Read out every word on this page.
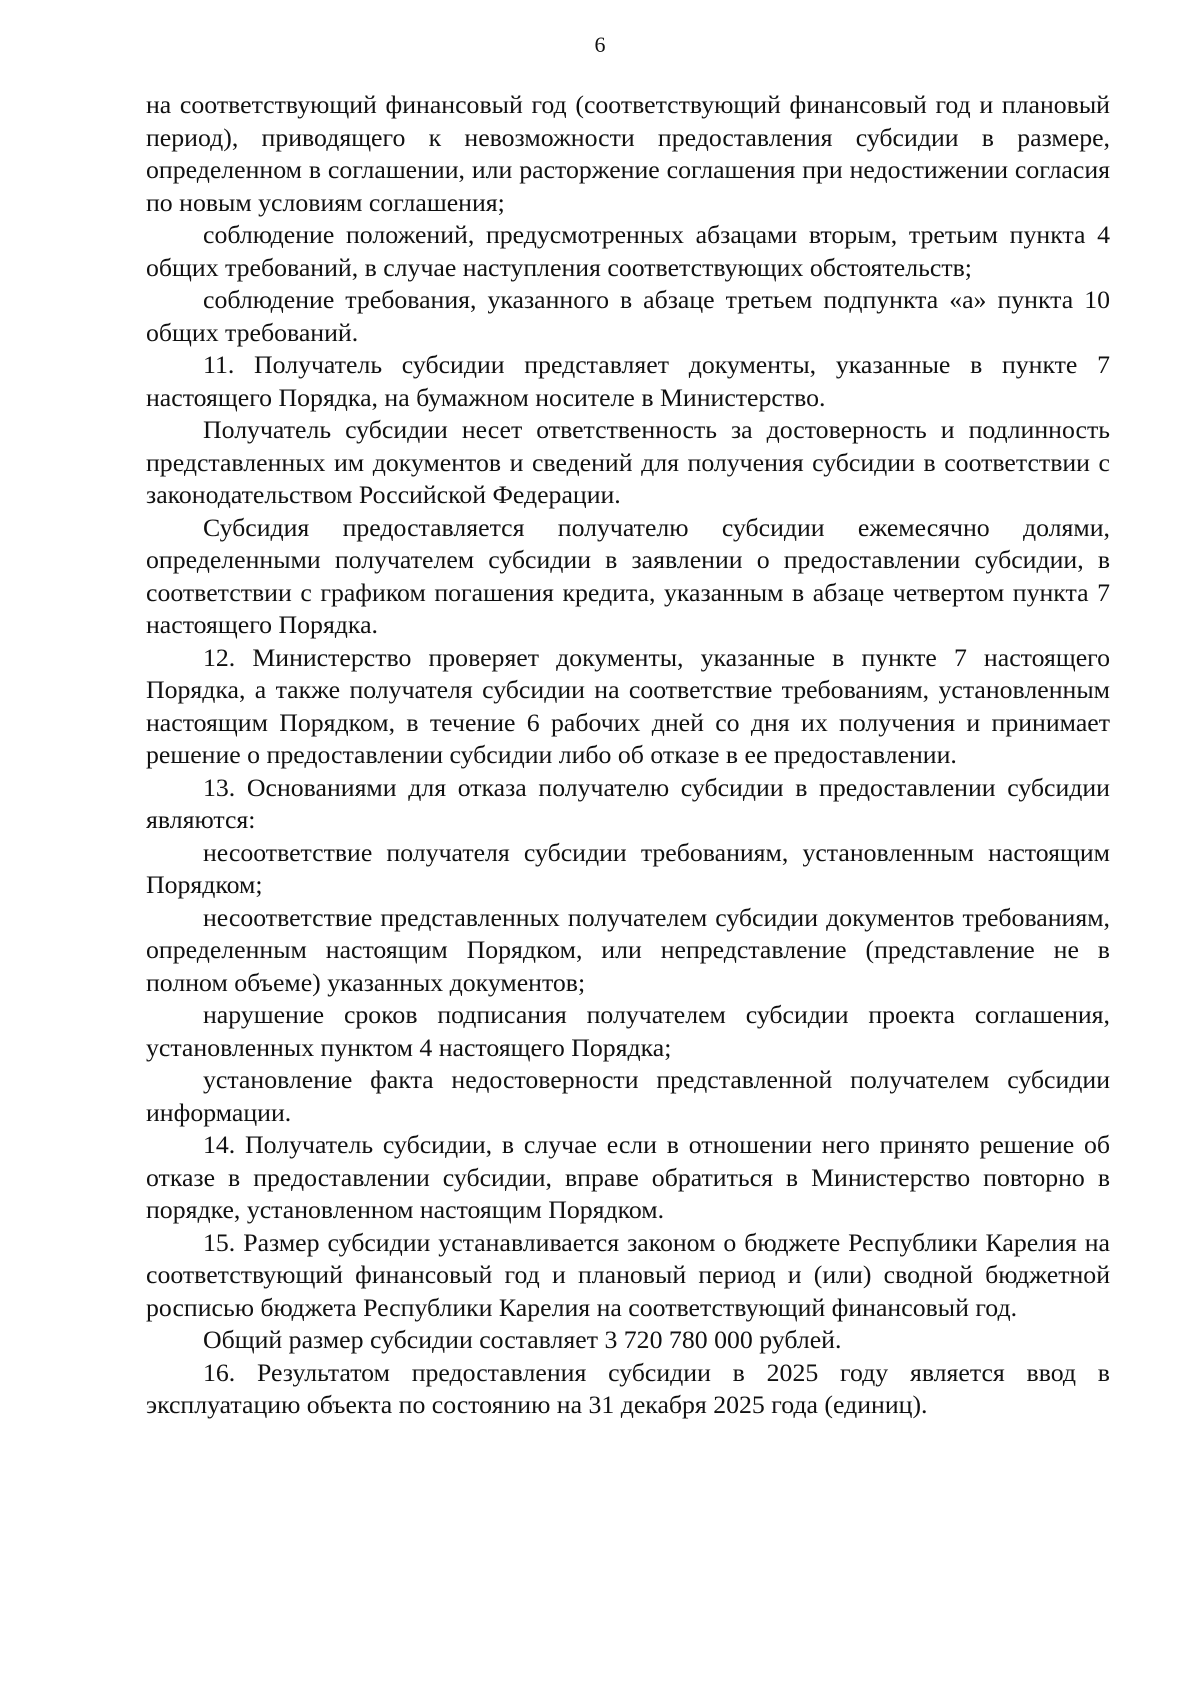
6

на соответствующий финансовый год (соответствующий финансовый год и плановый период), приводящего к невозможности предоставления субсидии в размере, определенном в соглашении, или расторжение соглашения при недостижении согласия по новым условиям соглашения;

соблюдение положений, предусмотренных абзацами вторым, третьим пункта 4 общих требований, в случае наступления соответствующих обстоятельств;

соблюдение требования, указанного в абзаце третьем подпункта «а» пункта 10 общих требований.

11. Получатель субсидии представляет документы, указанные в пункте 7 настоящего Порядка, на бумажном носителе в Министерство.

Получатель субсидии несет ответственность за достоверность и подлинность представленных им документов и сведений для получения субсидии в соответствии с законодательством Российской Федерации.

Субсидия предоставляется получателю субсидии ежемесячно долями, определенными получателем субсидии в заявлении о предоставлении субсидии, в соответствии с графиком погашения кредита, указанным в абзаце четвертом пункта 7 настоящего Порядка.

12. Министерство проверяет документы, указанные в пункте 7 настоящего Порядка, а также получателя субсидии на соответствие требованиям, установленным настоящим Порядком, в течение 6 рабочих дней со дня их получения и принимает решение о предоставлении субсидии либо об отказе в ее предоставлении.

13. Основаниями для отказа получателю субсидии в предоставлении субсидии являются:

несоответствие получателя субсидии требованиям, установленным настоящим Порядком;

несоответствие представленных получателем субсидии документов требованиям, определенным настоящим Порядком, или непредставление (представление не в полном объеме) указанных документов;

нарушение сроков подписания получателем субсидии проекта соглашения, установленных пунктом 4 настоящего Порядка;

установление факта недостоверности представленной получателем субсидии информации.

14. Получатель субсидии, в случае если в отношении него принято решение об отказе в предоставлении субсидии, вправе обратиться в Министерство повторно в порядке, установленном настоящим Порядком.

15. Размер субсидии устанавливается законом о бюджете Республики Карелия на соответствующий финансовый год и плановый период и (или) сводной бюджетной росписью бюджета Республики Карелия на соответствующий финансовый год.

Общий размер субсидии составляет 3 720 780 000 рублей.

16. Результатом предоставления субсидии в 2025 году является ввод в эксплуатацию объекта по состоянию на 31 декабря 2025 года (единиц).
